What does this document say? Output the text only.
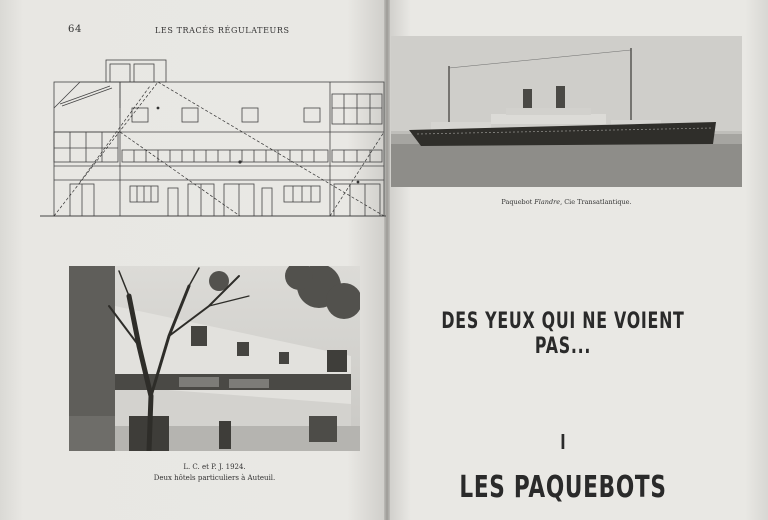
64	LES TRACÉS RÉGULATEURS
L. C. et P. J. 1924.
Deux hôtels particuliers à Auteuil.
Paquebot Flandre, Cie Transatlantique.
DES YEUX QUI NE VOIENT PAS...
I
LES PAQUEBOTS
